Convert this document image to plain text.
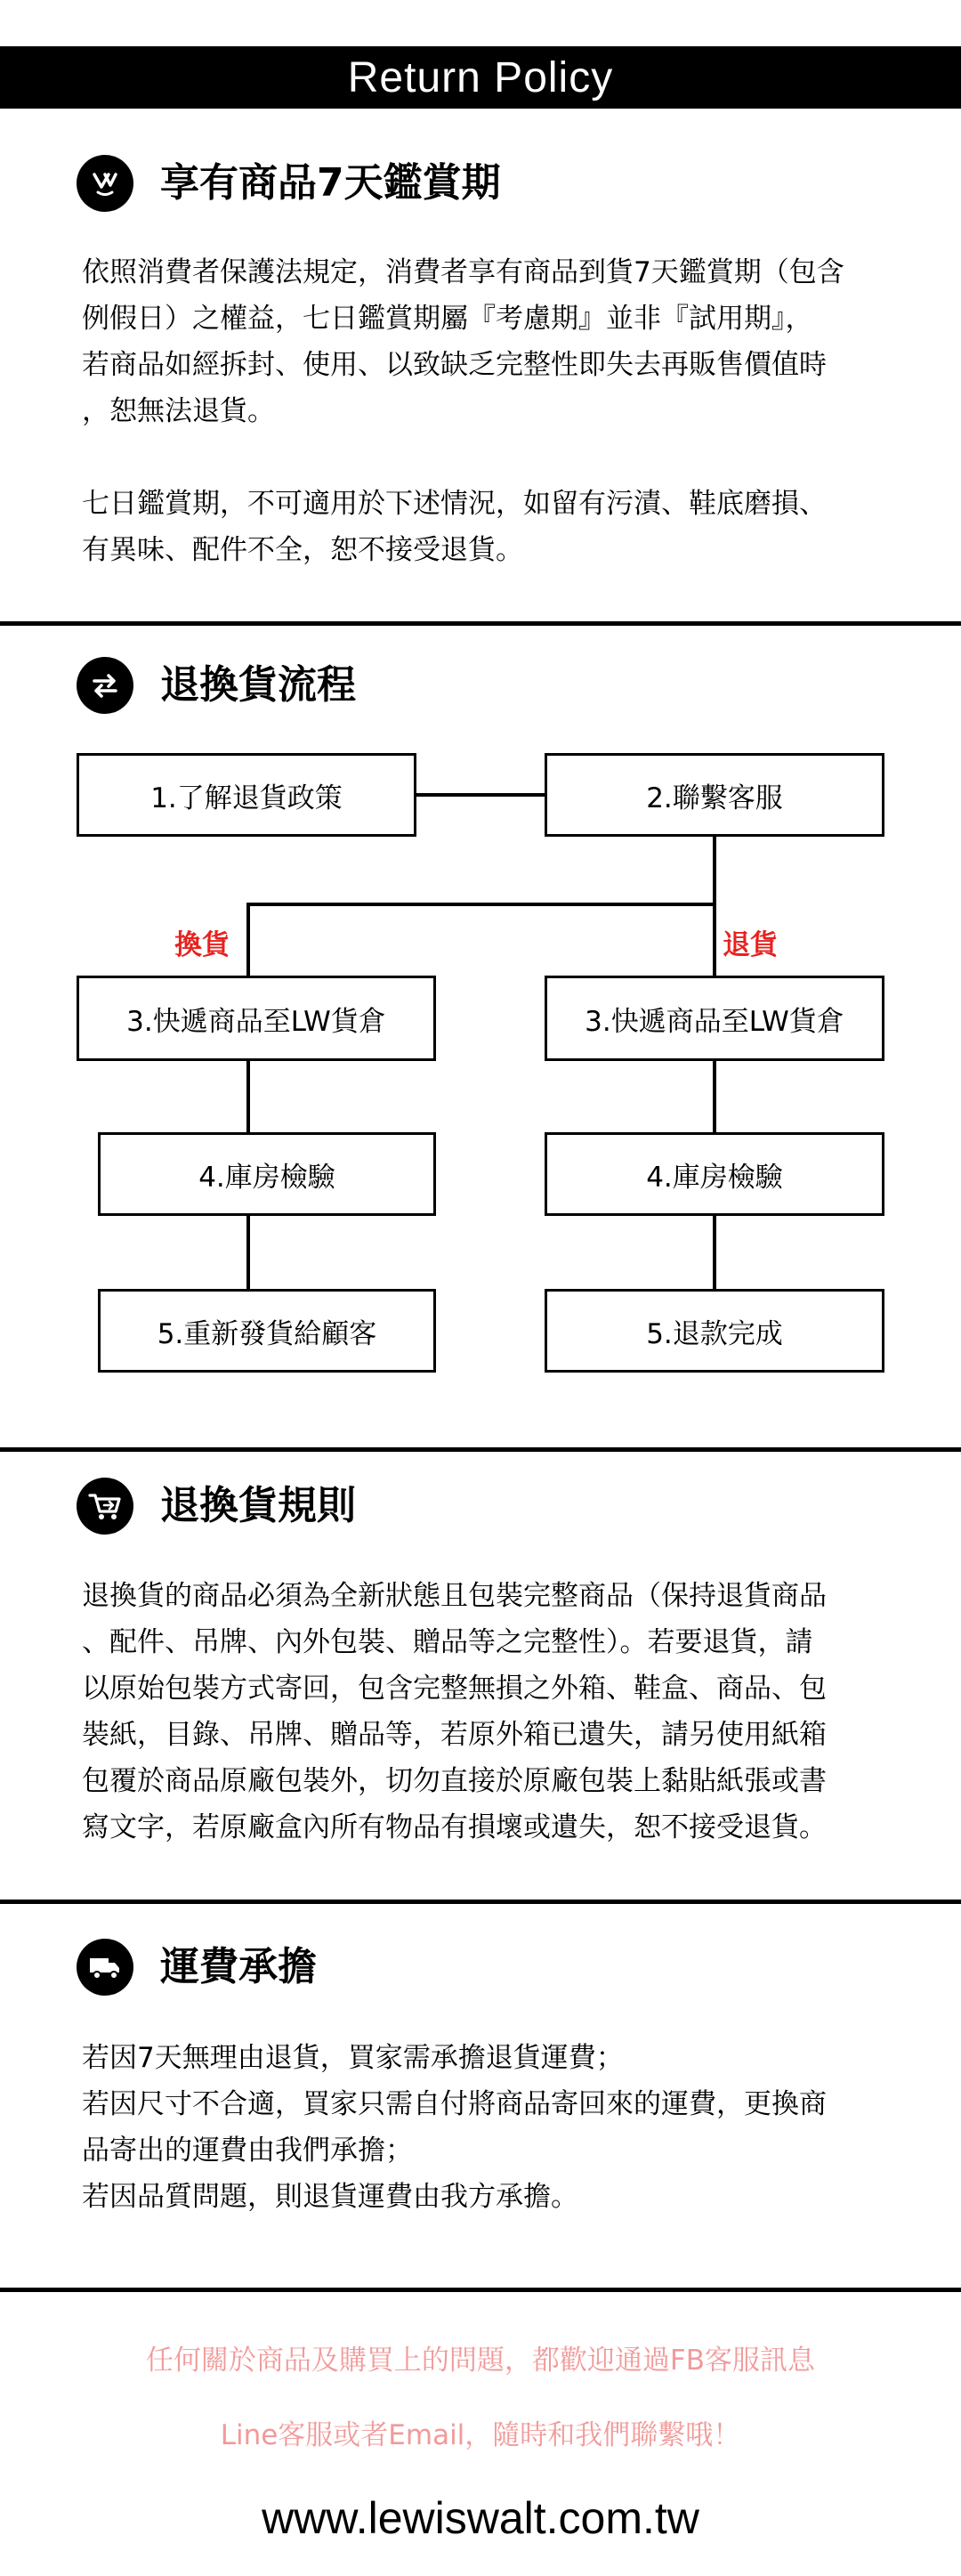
Return Policy
享有商品7天鑑賞期

依照消費者保護法規定，消費者享有商品到貨7天鑑賞期（包含

例假日）之權益，七日鑑賞期屬『考慮期』並非『試用期』，

若商品如經拆封、使用、以致缺乏完整性即失去再販售價值時

，恕無法退貨。

七日鑑賞期，不可適用於下述情況，如留有污漬、鞋底磨損、

有異味、配件不全，恕不接受退貨。

退換貨流程
1.了解退貨政策	2.聯繫客服
換貨	退貨
3.快遞商品至LW貨倉	3.快遞商品至LW貨倉
4.庫房檢驗	4.庫房檢驗
5.重新發貨給顧客	5.退款完成
退換貨規則

退換貨的商品必須為全新狀態且包裝完整商品（保持退貨商品

、配件、吊牌、內外包裝、贈品等之完整性）。若要退貨，請

以原始包裝方式寄回，包含完整無損之外箱、鞋盒、商品、包

裝紙，目錄、吊牌、贈品等，若原外箱已遺失，請另使用紙箱

包覆於商品原廠包裝外，切勿直接於原廠包裝上黏貼紙張或書

寫文字，若原廠盒內所有物品有損壞或遺失，恕不接受退貨。

運費承擔

若因7天無理由退貨，買家需承擔退貨運費；

若因尺寸不合適，買家只需自付將商品寄回來的運費，更換商

品寄出的運費由我們承擔；

若因品質問題，則退貨運費由我方承擔。

任何關於商品及購買上的問題，都歡迎通過FB客服訊息
Line客服或者Email，隨時和我們聯繫哦！
www.lewiswalt.com.tw
